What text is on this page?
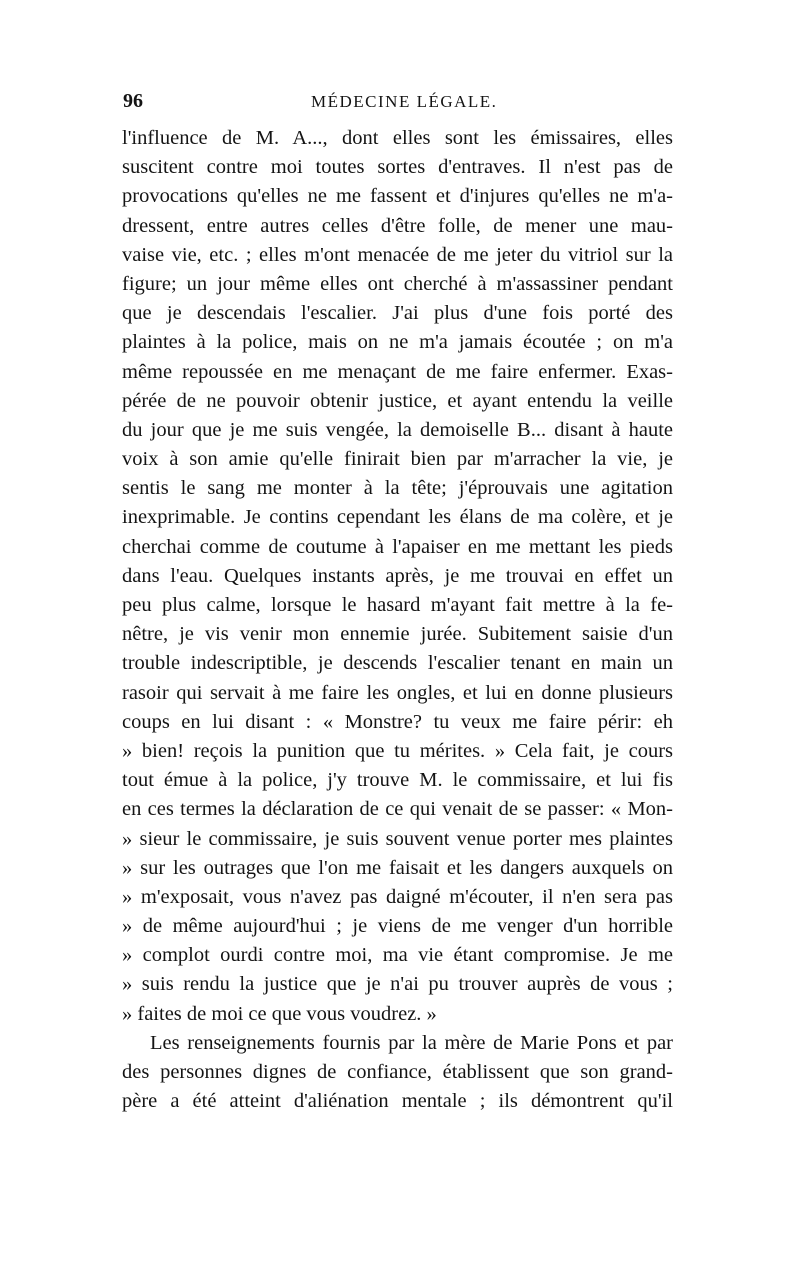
96	MÉDECINE LÉGALE.
l'influence de M. A..., dont elles sont les émissaires, elles
suscitent contre moi toutes sortes d'entraves. Il n'est pas de
provocations qu'elles ne me fassent et d'injures qu'elles ne m'a-
dressent, entre autres celles d'être folle, de mener une mau-
vaise vie, etc. ; elles m'ont menacée de me jeter du vitriol sur la
figure; un jour même elles ont cherché à m'assassiner pendant
que je descendais l'escalier. J'ai plus d'une fois porté des
plaintes à la police, mais on ne m'a jamais écoutée ; on m'a
même repoussée en me menaçant de me faire enfermer. Exas-
pérée de ne pouvoir obtenir justice, et ayant entendu la veille
du jour que je me suis vengée, la demoiselle B... disant à haute
voix à son amie qu'elle finirait bien par m'arracher la vie, je
sentis le sang me monter à la tête; j'éprouvais une agitation
inexprimable. Je contins cependant les élans de ma colère, et je
cherchai comme de coutume à l'apaiser en me mettant les pieds
dans l'eau. Quelques instants après, je me trouvai en effet un
peu plus calme, lorsque le hasard m'ayant fait mettre à la fe-
nêtre, je vis venir mon ennemie jurée. Subitement saisie d'un
trouble indescriptible, je descends l'escalier tenant en main un
rasoir qui servait à me faire les ongles, et lui en donne plusieurs
coups en lui disant : « Monstre? tu veux me faire périr: eh
» bien! reçois la punition que tu mérites. » Cela fait, je cours
tout émue à la police, j'y trouve M. le commissaire, et lui fis
en ces termes la déclaration de ce qui venait de se passer: « Mon-
» sieur le commissaire, je suis souvent venue porter mes plaintes
» sur les outrages que l'on me faisait et les dangers auxquels on
» m'exposait, vous n'avez pas daigné m'écouter, il n'en sera pas
» de même aujourd'hui ; je viens de me venger d'un horrible
» complot ourdi contre moi, ma vie étant compromise. Je me
» suis rendu la justice que je n'ai pu trouver auprès de vous ;
» faites de moi ce que vous voudrez. »
Les renseignements fournis par la mère de Marie Pons et par
des personnes dignes de confiance, établissent que son grand-
père a été atteint d'aliénation mentale ; ils démontrent qu'il
